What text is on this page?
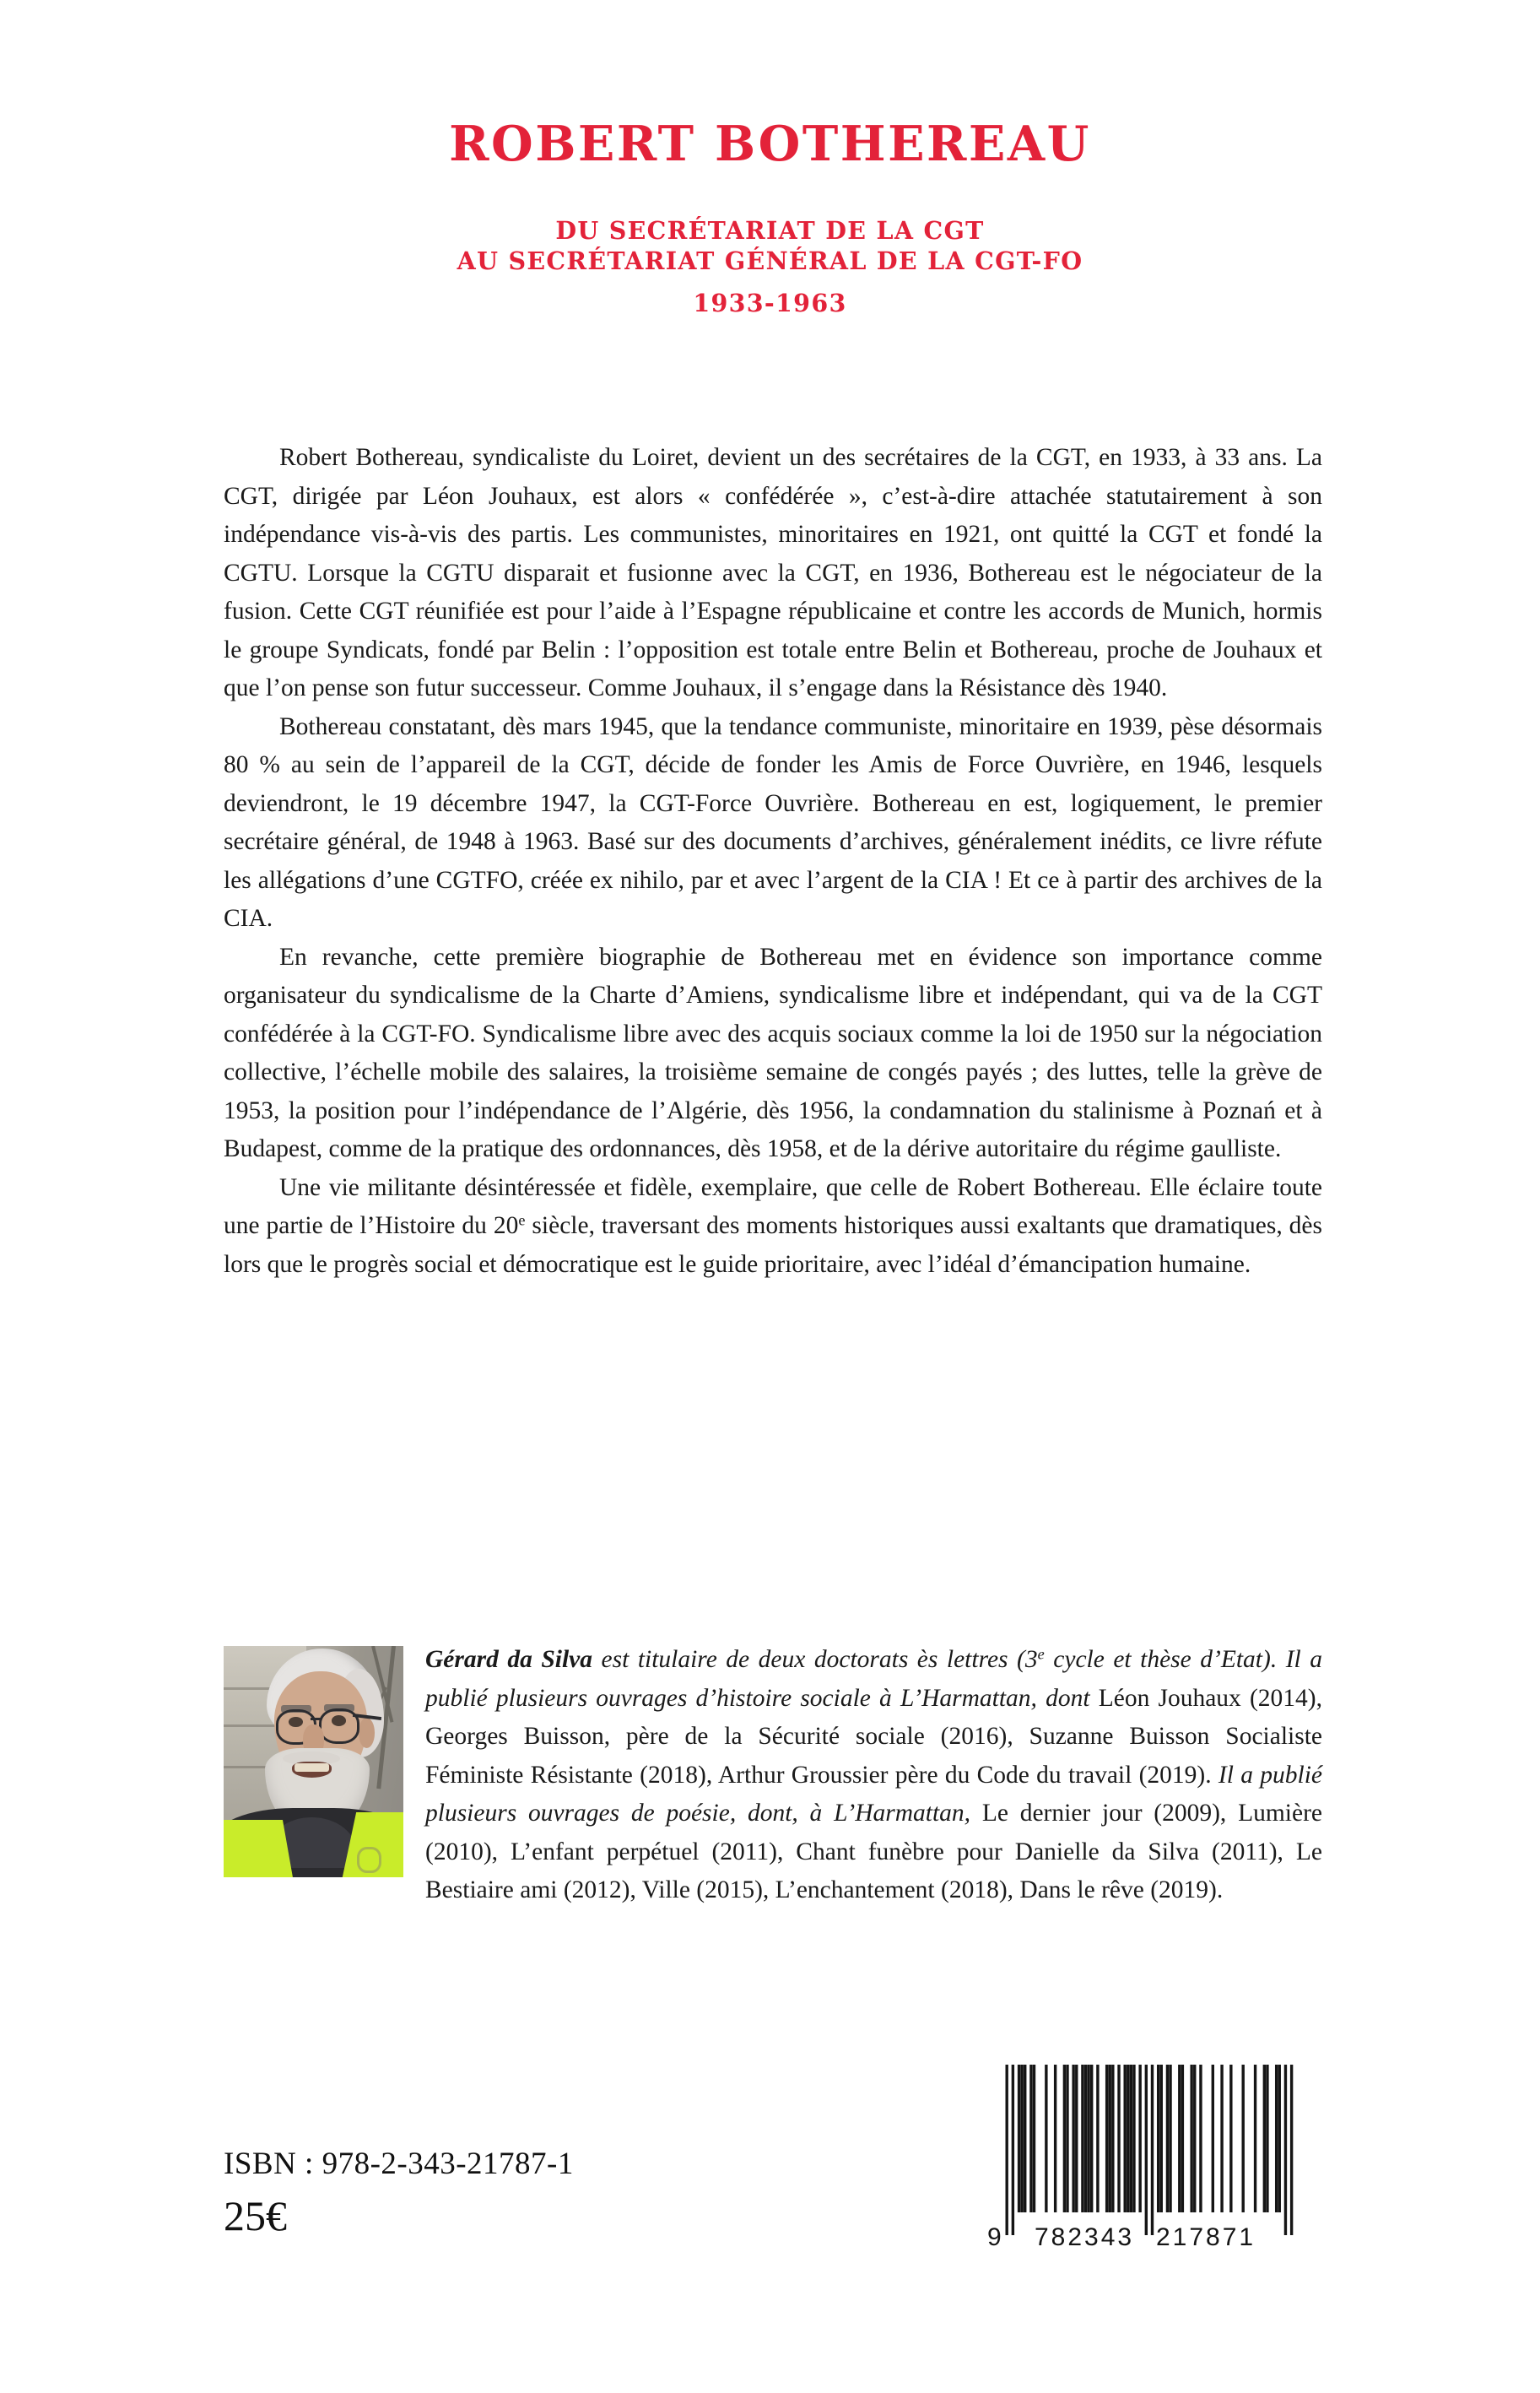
ROBERT BOTHEREAU

DU SECRÉTARIAT DE LA CGT

AU SECRÉTARIAT GÉNÉRAL DE LA CGT-FO

1933-1963

Robert Bothereau, syndicaliste du Loiret, devient un des secrétaires de la CGT, en 1933, à 33 ans. La CGT, dirigée par Léon Jouhaux, est alors « confédérée », c’est-à-dire attachée statutairement à son indépendance vis-à-vis des partis. Les communistes, minoritaires en 1921, ont quitté la CGT et fondé la CGTU. Lorsque la CGTU disparait et fusionne avec la CGT, en 1936, Bothereau est le négociateur de la fusion. Cette CGT réunifiée est pour l’aide à l’Espagne républicaine et contre les accords de Munich, hormis le groupe Syndicats, fondé par Belin : l’opposition est totale entre Belin et Bothereau, proche de Jouhaux et que l’on pense son futur successeur. Comme Jouhaux, il s’engage dans la Résistance dès 1940.

Bothereau constatant, dès mars 1945, que la tendance communiste, minoritaire en 1939, pèse désormais 80 % au sein de l’appareil de la CGT, décide de fonder les Amis de Force Ouvrière, en 1946, lesquels deviendront, le 19 décembre 1947, la CGT-Force Ouvrière. Bothereau en est, logiquement, le premier secrétaire général, de 1948 à 1963. Basé sur des documents d’archives, généralement inédits, ce livre réfute les allégations d’une CGTFO, créée ex nihilo, par et avec l’argent de la CIA ! Et ce à partir des archives de la CIA.

En revanche, cette première biographie de Bothereau met en évidence son importance comme organisateur du syndicalisme de la Charte d’Amiens, syndicalisme libre et indépendant, qui va de la CGT confédérée à la CGT-FO. Syndicalisme libre avec des acquis sociaux comme la loi de 1950 sur la négociation collective, l’échelle mobile des salaires, la troisième semaine de congés payés ; des luttes, telle la grève de 1953, la position pour l’indépendance de l’Algérie, dès 1956, la condamnation du stalinisme à Poznań et à Budapest, comme de la pratique des ordonnances, dès 1958, et de la dérive autoritaire du régime gaulliste.

Une vie militante désintéressée et fidèle, exemplaire, que celle de Robert Bothereau. Elle éclaire toute une partie de l’Histoire du 20e siècle, traversant des moments historiques aussi exaltants que dramatiques, dès lors que le progrès social et démocratique est le guide prioritaire, avec l’idéal d’émancipation humaine.

Gérard da Silva est titulaire de deux doctorats ès lettres (3e cycle et thèse d’Etat). Il a publié plusieurs ouvrages d’histoire sociale à L’Harmattan, dont Léon Jouhaux (2014), Georges Buisson, père de la Sécurité sociale (2016), Suzanne Buisson Socialiste Féministe Résistante (2018), Arthur Groussier père du Code du travail (2019). Il a publié plusieurs ouvrages de poésie, dont, à L’Harmattan, Le dernier jour (2009), Lumière (2010), L’enfant perpétuel (2011), Chant funèbre pour Danielle da Silva (2011), Le Bestiaire ami (2012), Ville (2015), L’enchantement (2018), Dans le rêve (2019).

ISBN : 978-2-343-21787-1
25€	9 782343 217871
